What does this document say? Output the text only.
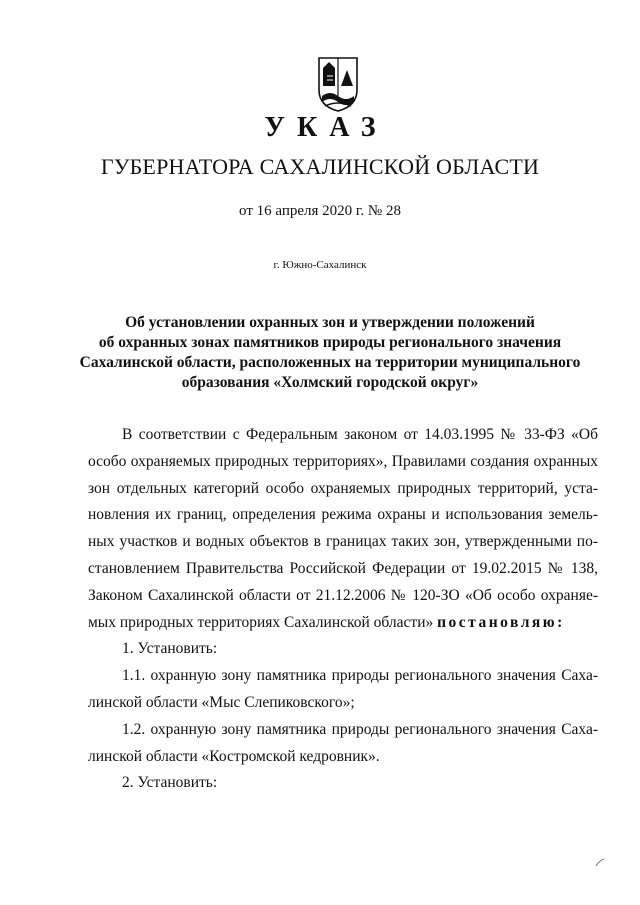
УКАЗ
ГУБЕРНАТОРА САХАЛИНСКОЙ ОБЛАСТИ
от 16 апреля 2020 г. № 28
г. Южно-Сахалинск
Об установлении охранных зон и утверждении положений
об охранных зонах памятников природы регионального значения
Сахалинской области, расположенных на территории муниципального
образования «Холмский городской округ»
В соответствии с Федеральным законом от 14.03.1995 № 33-ФЗ «Об
особо охраняемых природных территориях», Правилами создания охранных
зон отдельных категорий особо охраняемых природных территорий, уста-
новления их границ, определения режима охраны и использования земель-
ных участков и водных объектов в границах таких зон, утвержденными по-
становлением Правительства Российской Федерации от 19.02.2015 № 138,
Законом Сахалинской области от 21.12.2006 № 120-ЗО «Об особо охраняе-
мых природных территориях Сахалинской области» постановляю:
1. Установить:
1.1. охранную зону памятника природы регионального значения Саха-
линской области «Мыс Слепиковского»;
1.2. охранную зону памятника природы регионального значения Саха-
линской области «Костромской кедровник».
2. Установить:
